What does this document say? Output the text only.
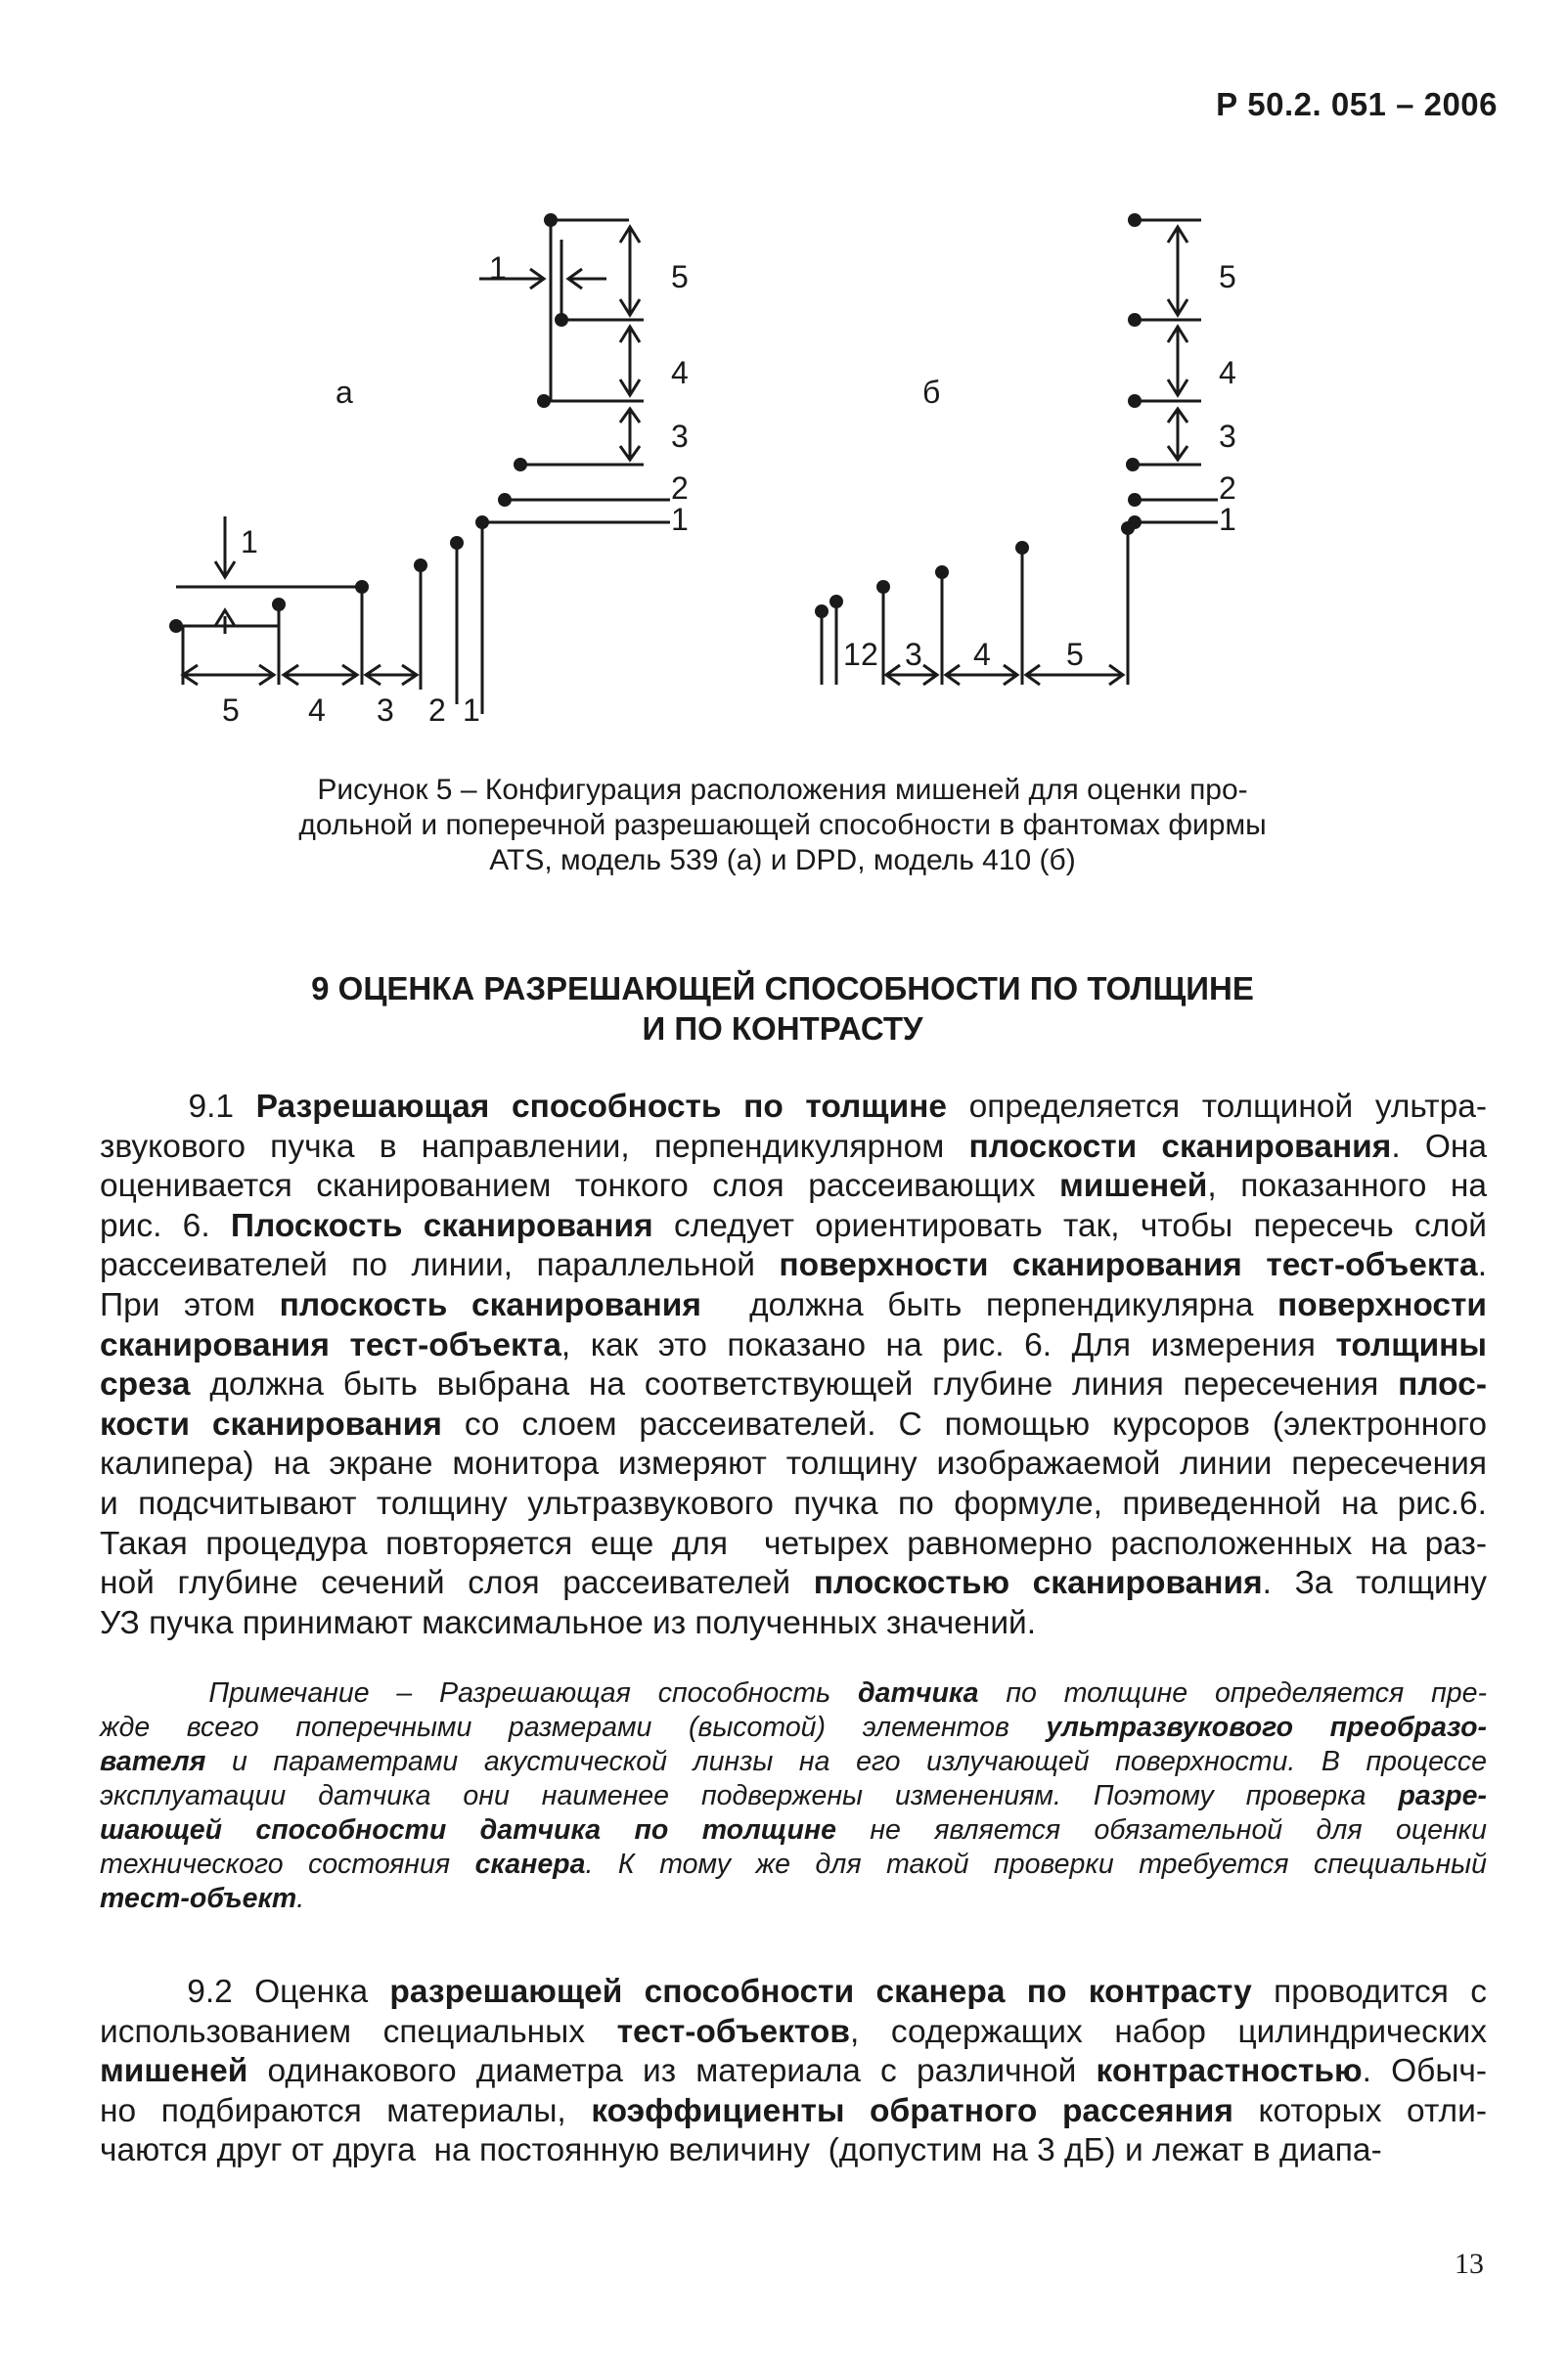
Р 50.2. 051 – 2006
а	б
5
4
3
2
1
1
1
5 4 3 2 1
5
4
3
2
1
1 2 3 4 5
Рисунок 5 – Конфигурация расположения мишеней для оценки про-
дольной и поперечной разрешающей способности в фантомах фирмы
ATS, модель 539 (а) и DPD, модель 410 (б)
9 ОЦЕНКА РАЗРЕШАЮЩЕЙ СПОСОБНОСТИ ПО ТОЛЩИНЕ
И ПО КОНТРАСТУ
9.1 Разрешающая способность по толщине определяется толщиной ультра-
звукового пучка в направлении, перпендикулярном плоскости сканирования. Она
оценивается сканированием тонкого слоя рассеивающих мишеней, показанного на
рис. 6. Плоскость сканирования следует ориентировать так, чтобы пересечь слой
рассеивателей по линии, параллельной поверхности сканирования тест-объекта.
При этом плоскость сканирования  должна быть перпендикулярна поверхности
сканирования тест-объекта, как это показано на рис. 6. Для измерения толщины
среза должна быть выбрана на соответствующей глубине линия пересечения плос-
кости сканирования со слоем рассеивателей. С помощью курсоров (электронного
калипера) на экране монитора измеряют толщину изображаемой линии пересечения
и подсчитывают толщину ультразвукового пучка по формуле, приведенной на рис.6.
Такая процедура повторяется еще для  четырех равномерно расположенных на раз-
ной глубине сечений слоя рассеивателей плоскостью сканирования. За толщину
УЗ пучка принимают максимальное из полученных значений.
Примечание – Разрешающая способность датчика по толщине определяется пре-
жде всего поперечными размерами (высотой) элементов ультразвукового преобразо-
вателя и параметрами акустической линзы на его излучающей поверхности. В процессе
эксплуатации датчика они наименее подвержены изменениям. Поэтому проверка разре-
шающей способности датчика по толщине не является обязательной для оценки
технического состояния сканера. К тому же для такой проверки требуется специальный
тест-объект.
9.2 Оценка разрешающей способности сканера по контрасту проводится с
использованием специальных тест-объектов, содержащих набор цилиндрических
мишеней одинакового диаметра из материала с различной контрастностью. Обыч-
но подбираются материалы, коэффициенты обратного рассеяния которых отли-
чаются друг от друга  на постоянную величину  (допустим на 3 дБ) и лежат в диапа-
13
